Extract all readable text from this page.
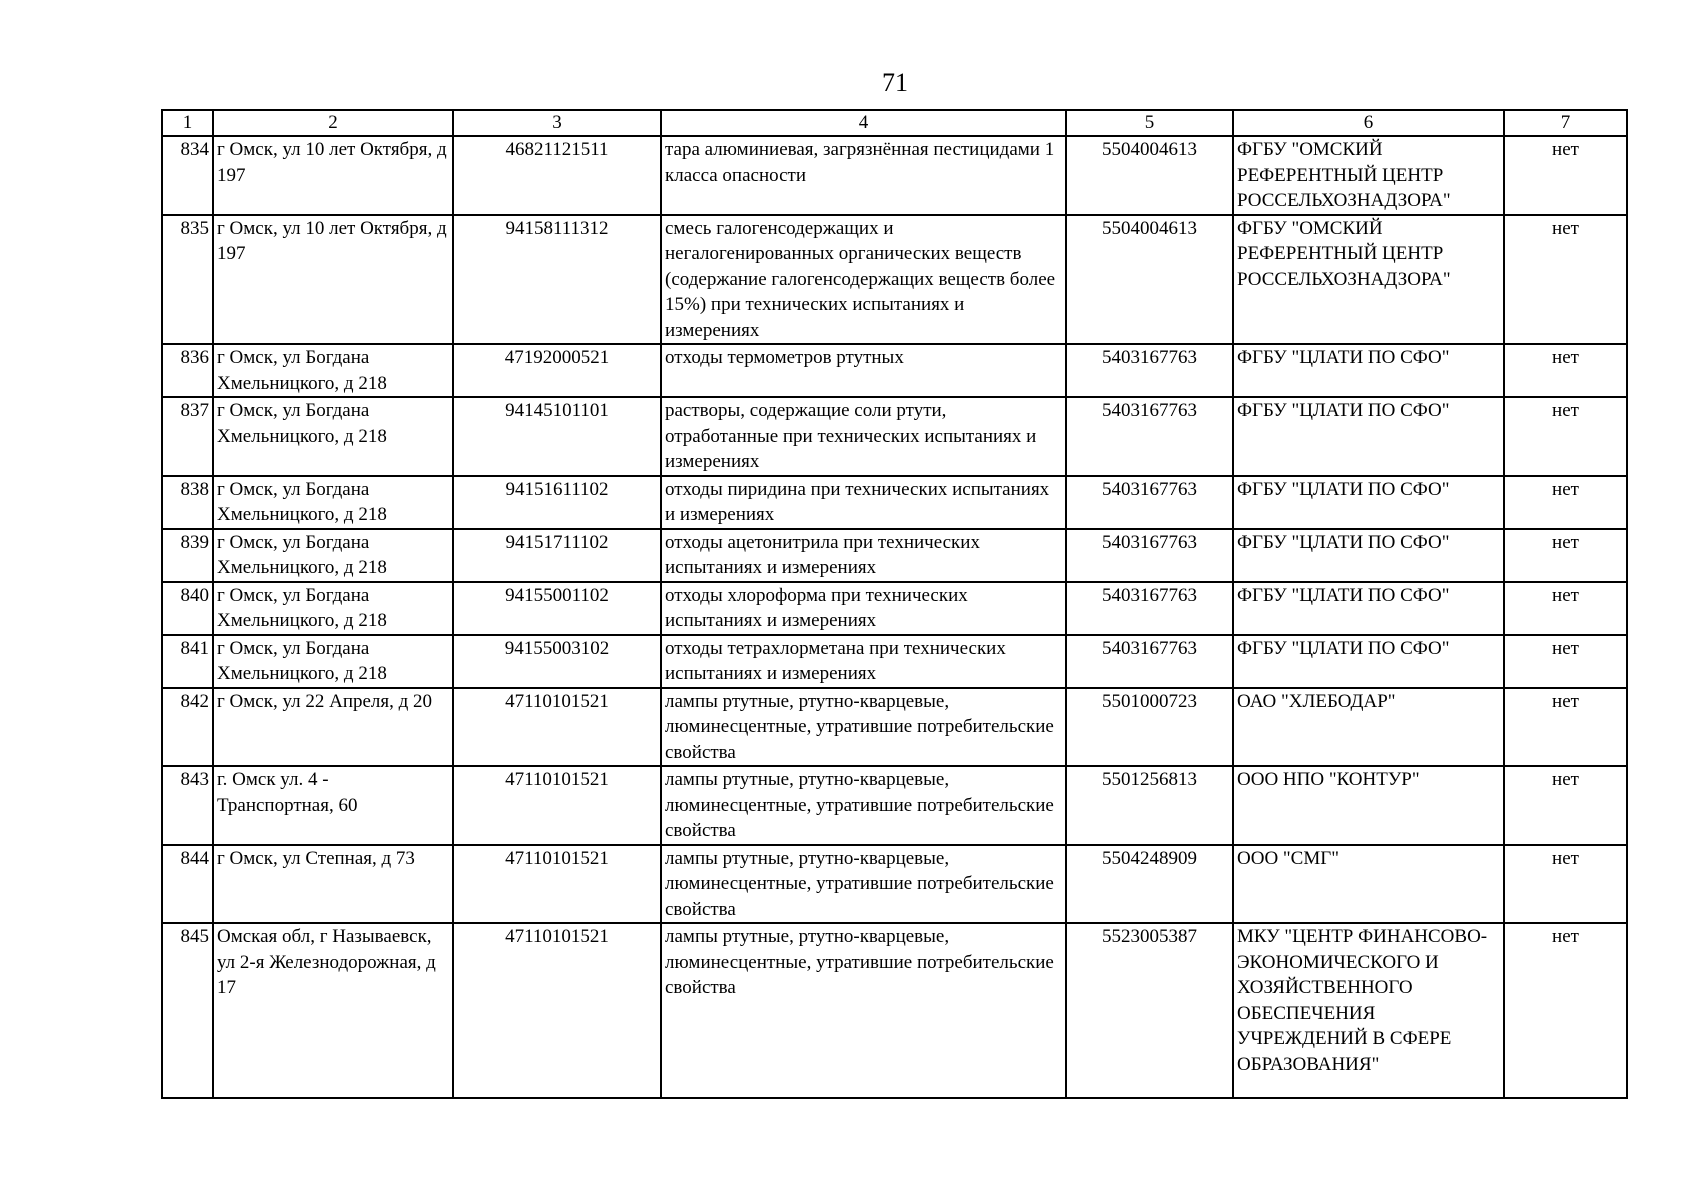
71
1	2	3	4	5	6	7
834	г Омск, ул 10 лет Октября, д 197	46821121511	тара алюминиевая, загрязнённая пестицидами 1 класса опасности	5504004613	ФГБУ "ОМСКИЙ РЕФЕРЕНТНЫЙ ЦЕНТР РОССЕЛЬХОЗНАДЗОРА"	нет
835	г Омск, ул 10 лет Октября, д 197	94158111312	смесь галогенсодержащих и негалогенированных органических веществ (содержание галогенсодержащих веществ более 15%) при технических испытаниях и измерениях	5504004613	ФГБУ "ОМСКИЙ РЕФЕРЕНТНЫЙ ЦЕНТР РОССЕЛЬХОЗНАДЗОРА"	нет
836	г Омск, ул Богдана Хмельницкого, д 218	47192000521	отходы термометров ртутных	5403167763	ФГБУ "ЦЛАТИ ПО СФО"	нет
837	г Омск, ул Богдана Хмельницкого, д 218	94145101101	растворы, содержащие соли ртути, отработанные при технических испытаниях и измерениях	5403167763	ФГБУ "ЦЛАТИ ПО СФО"	нет
838	г Омск, ул Богдана Хмельницкого, д 218	94151611102	отходы пиридина при технических испытаниях и измерениях	5403167763	ФГБУ "ЦЛАТИ ПО СФО"	нет
839	г Омск, ул Богдана Хмельницкого, д 218	94151711102	отходы ацетонитрила при технических испытаниях и измерениях	5403167763	ФГБУ "ЦЛАТИ ПО СФО"	нет
840	г Омск, ул Богдана Хмельницкого, д 218	94155001102	отходы хлороформа при технических испытаниях и измерениях	5403167763	ФГБУ "ЦЛАТИ ПО СФО"	нет
841	г Омск, ул Богдана Хмельницкого, д 218	94155003102	отходы тетрахлорметана при технических испытаниях и измерениях	5403167763	ФГБУ "ЦЛАТИ ПО СФО"	нет
842	г Омск, ул 22 Апреля, д 20	47110101521	лампы ртутные, ртутно-кварцевые, люминесцентные, утратившие потребительские свойства	5501000723	ОАО "ХЛЕБОДАР"	нет
843	г. Омск ул. 4 - Транспортная, 60	47110101521	лампы ртутные, ртутно-кварцевые, люминесцентные, утратившие потребительские свойства	5501256813	ООО НПО "КОНТУР"	нет
844	г Омск, ул Степная, д 73	47110101521	лампы ртутные, ртутно-кварцевые, люминесцентные, утратившие потребительские свойства	5504248909	ООО "СМГ"	нет
845	Омская обл, г Называевск, ул 2-я Железнодорожная, д 17	47110101521	лампы ртутные, ртутно-кварцевые, люминесцентные, утратившие потребительские свойства	5523005387	МКУ "ЦЕНТР ФИНАНСОВО-ЭКОНОМИЧЕСКОГО И ХОЗЯЙСТВЕННОГО ОБЕСПЕЧЕНИЯ УЧРЕЖДЕНИЙ В СФЕРЕ ОБРАЗОВАНИЯ"	нет
